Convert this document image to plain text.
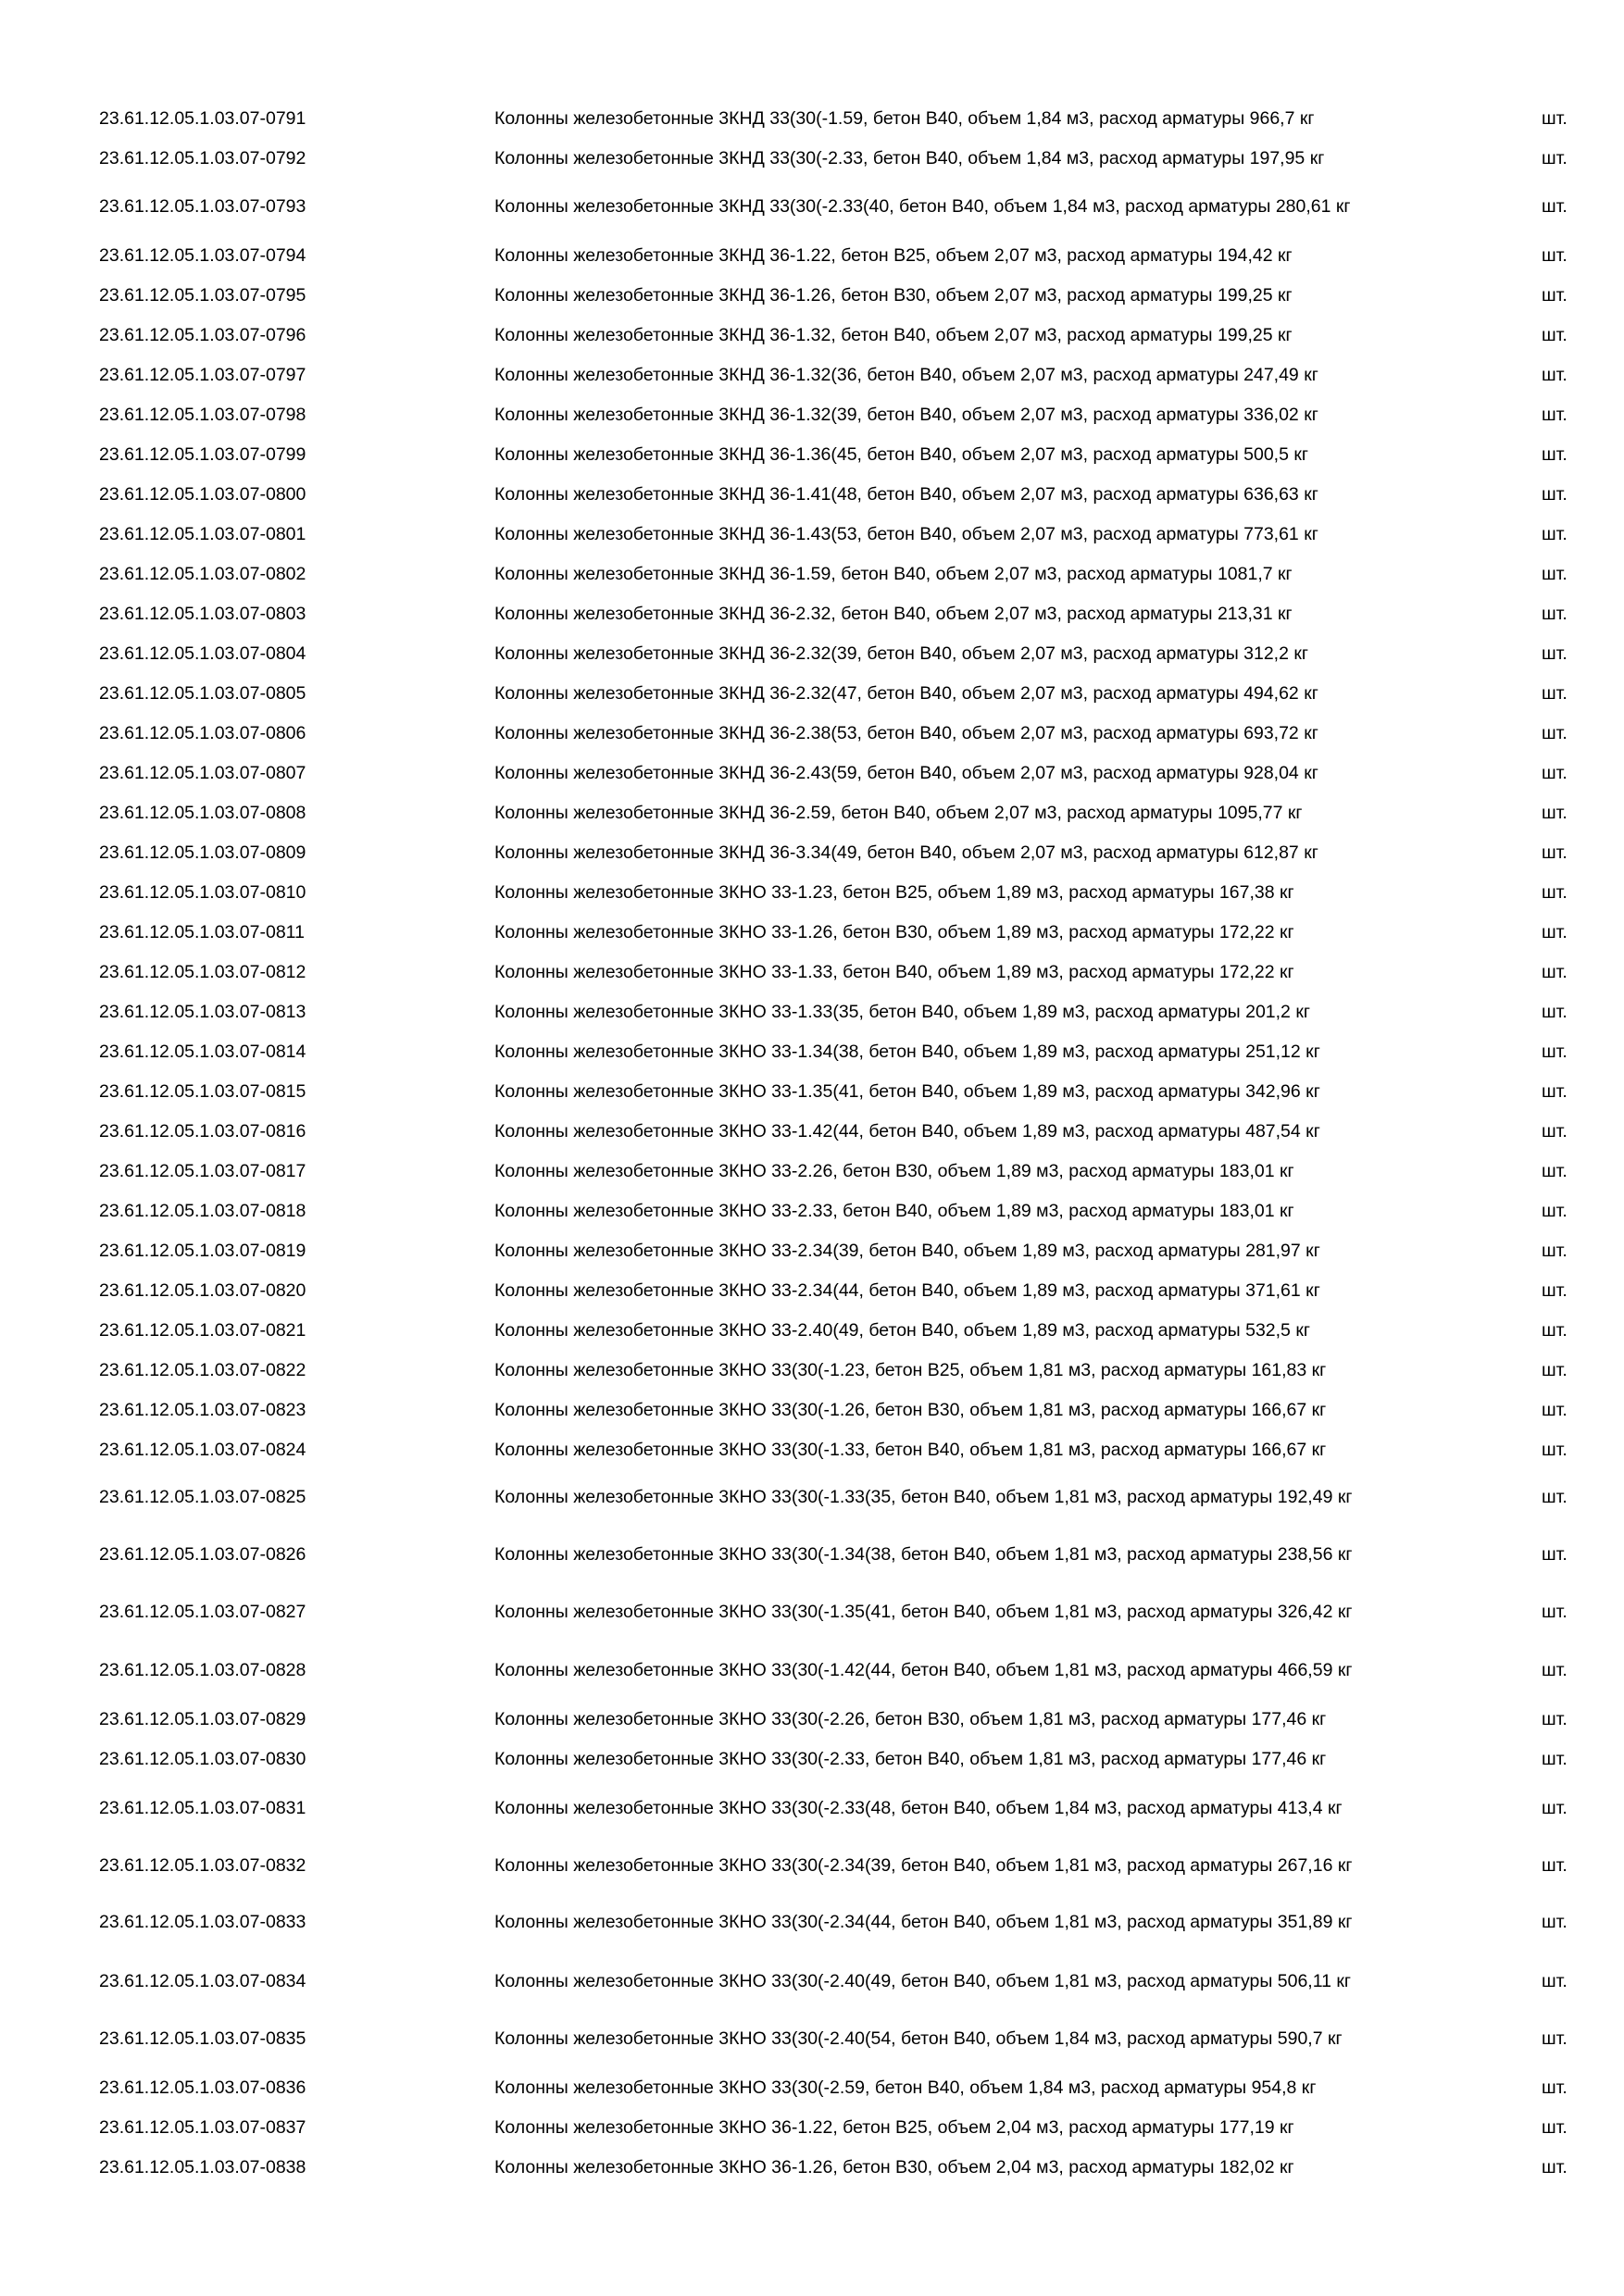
23.61.12.05.1.03.07-0791	Колонны железобетонные 3КНД 33(30(-1.59, бетон В40, объем 1,84 м3, расход арматуры 966,7 кг	шт.
23.61.12.05.1.03.07-0792	Колонны железобетонные 3КНД 33(30(-2.33, бетон В40, объем 1,84 м3, расход арматуры 197,95 кг	шт.
23.61.12.05.1.03.07-0793	Колонны железобетонные 3КНД 33(30(-2.33(40, бетон В40, объем 1,84 м3, расход арматуры 280,61 кг	шт.
23.61.12.05.1.03.07-0794	Колонны железобетонные 3КНД 36-1.22, бетон В25, объем 2,07 м3, расход арматуры 194,42 кг	шт.
23.61.12.05.1.03.07-0795	Колонны железобетонные 3КНД 36-1.26, бетон В30, объем 2,07 м3, расход арматуры 199,25 кг	шт.
23.61.12.05.1.03.07-0796	Колонны железобетонные 3КНД 36-1.32, бетон В40, объем 2,07 м3, расход арматуры 199,25 кг	шт.
23.61.12.05.1.03.07-0797	Колонны железобетонные 3КНД 36-1.32(36, бетон В40, объем 2,07 м3, расход арматуры 247,49 кг	шт.
23.61.12.05.1.03.07-0798	Колонны железобетонные 3КНД 36-1.32(39, бетон В40, объем 2,07 м3, расход арматуры 336,02 кг	шт.
23.61.12.05.1.03.07-0799	Колонны железобетонные 3КНД 36-1.36(45, бетон В40, объем 2,07 м3, расход арматуры 500,5 кг	шт.
23.61.12.05.1.03.07-0800	Колонны железобетонные 3КНД 36-1.41(48, бетон В40, объем 2,07 м3, расход арматуры 636,63 кг	шт.
23.61.12.05.1.03.07-0801	Колонны железобетонные 3КНД 36-1.43(53, бетон В40, объем 2,07 м3, расход арматуры 773,61 кг	шт.
23.61.12.05.1.03.07-0802	Колонны железобетонные 3КНД 36-1.59, бетон В40, объем 2,07 м3, расход арматуры 1081,7 кг	шт.
23.61.12.05.1.03.07-0803	Колонны железобетонные 3КНД 36-2.32, бетон В40, объем 2,07 м3, расход арматуры 213,31 кг	шт.
23.61.12.05.1.03.07-0804	Колонны железобетонные 3КНД 36-2.32(39, бетон В40, объем 2,07 м3, расход арматуры 312,2 кг	шт.
23.61.12.05.1.03.07-0805	Колонны железобетонные 3КНД 36-2.32(47, бетон В40, объем 2,07 м3, расход арматуры 494,62 кг	шт.
23.61.12.05.1.03.07-0806	Колонны железобетонные 3КНД 36-2.38(53, бетон В40, объем 2,07 м3, расход арматуры 693,72 кг	шт.
23.61.12.05.1.03.07-0807	Колонны железобетонные 3КНД 36-2.43(59, бетон В40, объем 2,07 м3, расход арматуры 928,04 кг	шт.
23.61.12.05.1.03.07-0808	Колонны железобетонные 3КНД 36-2.59, бетон В40, объем 2,07 м3, расход арматуры 1095,77 кг	шт.
23.61.12.05.1.03.07-0809	Колонны железобетонные 3КНД 36-3.34(49, бетон В40, объем 2,07 м3, расход арматуры 612,87 кг	шт.
23.61.12.05.1.03.07-0810	Колонны железобетонные 3КНО 33-1.23, бетон В25, объем 1,89 м3, расход арматуры 167,38 кг	шт.
23.61.12.05.1.03.07-0811	Колонны железобетонные 3КНО 33-1.26, бетон В30, объем 1,89 м3, расход арматуры 172,22 кг	шт.
23.61.12.05.1.03.07-0812	Колонны железобетонные 3КНО 33-1.33, бетон В40, объем 1,89 м3, расход арматуры 172,22 кг	шт.
23.61.12.05.1.03.07-0813	Колонны железобетонные 3КНО 33-1.33(35, бетон В40, объем 1,89 м3, расход арматуры 201,2 кг	шт.
23.61.12.05.1.03.07-0814	Колонны железобетонные 3КНО 33-1.34(38, бетон В40, объем 1,89 м3, расход арматуры 251,12 кг	шт.
23.61.12.05.1.03.07-0815	Колонны железобетонные 3КНО 33-1.35(41, бетон В40, объем 1,89 м3, расход арматуры 342,96 кг	шт.
23.61.12.05.1.03.07-0816	Колонны железобетонные 3КНО 33-1.42(44, бетон В40, объем 1,89 м3, расход арматуры 487,54 кг	шт.
23.61.12.05.1.03.07-0817	Колонны железобетонные 3КНО 33-2.26, бетон В30, объем 1,89 м3, расход арматуры 183,01 кг	шт.
23.61.12.05.1.03.07-0818	Колонны железобетонные 3КНО 33-2.33, бетон В40, объем 1,89 м3, расход арматуры 183,01 кг	шт.
23.61.12.05.1.03.07-0819	Колонны железобетонные 3КНО 33-2.34(39, бетон В40, объем 1,89 м3, расход арматуры 281,97 кг	шт.
23.61.12.05.1.03.07-0820	Колонны железобетонные 3КНО 33-2.34(44, бетон В40, объем 1,89 м3, расход арматуры 371,61 кг	шт.
23.61.12.05.1.03.07-0821	Колонны железобетонные 3КНО 33-2.40(49, бетон В40, объем 1,89 м3, расход арматуры 532,5 кг	шт.
23.61.12.05.1.03.07-0822	Колонны железобетонные 3КНО 33(30(-1.23, бетон В25, объем 1,81 м3, расход арматуры 161,83 кг	шт.
23.61.12.05.1.03.07-0823	Колонны железобетонные 3КНО 33(30(-1.26, бетон В30, объем 1,81 м3, расход арматуры 166,67 кг	шт.
23.61.12.05.1.03.07-0824	Колонны железобетонные 3КНО 33(30(-1.33, бетон В40, объем 1,81 м3, расход арматуры 166,67 кг	шт.
23.61.12.05.1.03.07-0825	Колонны железобетонные 3КНО 33(30(-1.33(35, бетон В40, объем 1,81 м3, расход арматуры 192,49 кг	шт.
23.61.12.05.1.03.07-0826	Колонны железобетонные 3КНО 33(30(-1.34(38, бетон В40, объем 1,81 м3, расход арматуры 238,56 кг	шт.
23.61.12.05.1.03.07-0827	Колонны железобетонные 3КНО 33(30(-1.35(41, бетон В40, объем 1,81 м3, расход арматуры 326,42 кг	шт.
23.61.12.05.1.03.07-0828	Колонны железобетонные 3КНО 33(30(-1.42(44, бетон В40, объем 1,81 м3, расход арматуры 466,59 кг	шт.
23.61.12.05.1.03.07-0829	Колонны железобетонные 3КНО 33(30(-2.26, бетон В30, объем 1,81 м3, расход арматуры 177,46 кг	шт.
23.61.12.05.1.03.07-0830	Колонны железобетонные 3КНО 33(30(-2.33, бетон В40, объем 1,81 м3, расход арматуры 177,46 кг	шт.
23.61.12.05.1.03.07-0831	Колонны железобетонные 3КНО 33(30(-2.33(48, бетон В40, объем 1,84 м3, расход арматуры 413,4 кг	шт.
23.61.12.05.1.03.07-0832	Колонны железобетонные 3КНО 33(30(-2.34(39, бетон В40, объем 1,81 м3, расход арматуры 267,16 кг	шт.
23.61.12.05.1.03.07-0833	Колонны железобетонные 3КНО 33(30(-2.34(44, бетон В40, объем 1,81 м3, расход арматуры 351,89 кг	шт.
23.61.12.05.1.03.07-0834	Колонны железобетонные 3КНО 33(30(-2.40(49, бетон В40, объем 1,81 м3, расход арматуры 506,11 кг	шт.
23.61.12.05.1.03.07-0835	Колонны железобетонные 3КНО 33(30(-2.40(54, бетон В40, объем 1,84 м3, расход арматуры 590,7 кг	шт.
23.61.12.05.1.03.07-0836	Колонны железобетонные 3КНО 33(30(-2.59, бетон В40, объем 1,84 м3, расход арматуры 954,8 кг	шт.
23.61.12.05.1.03.07-0837	Колонны железобетонные 3КНО 36-1.22, бетон В25, объем 2,04 м3, расход арматуры 177,19 кг	шт.
23.61.12.05.1.03.07-0838	Колонны железобетонные 3КНО 36-1.26, бетон В30, объем 2,04 м3, расход арматуры 182,02 кг	шт.
